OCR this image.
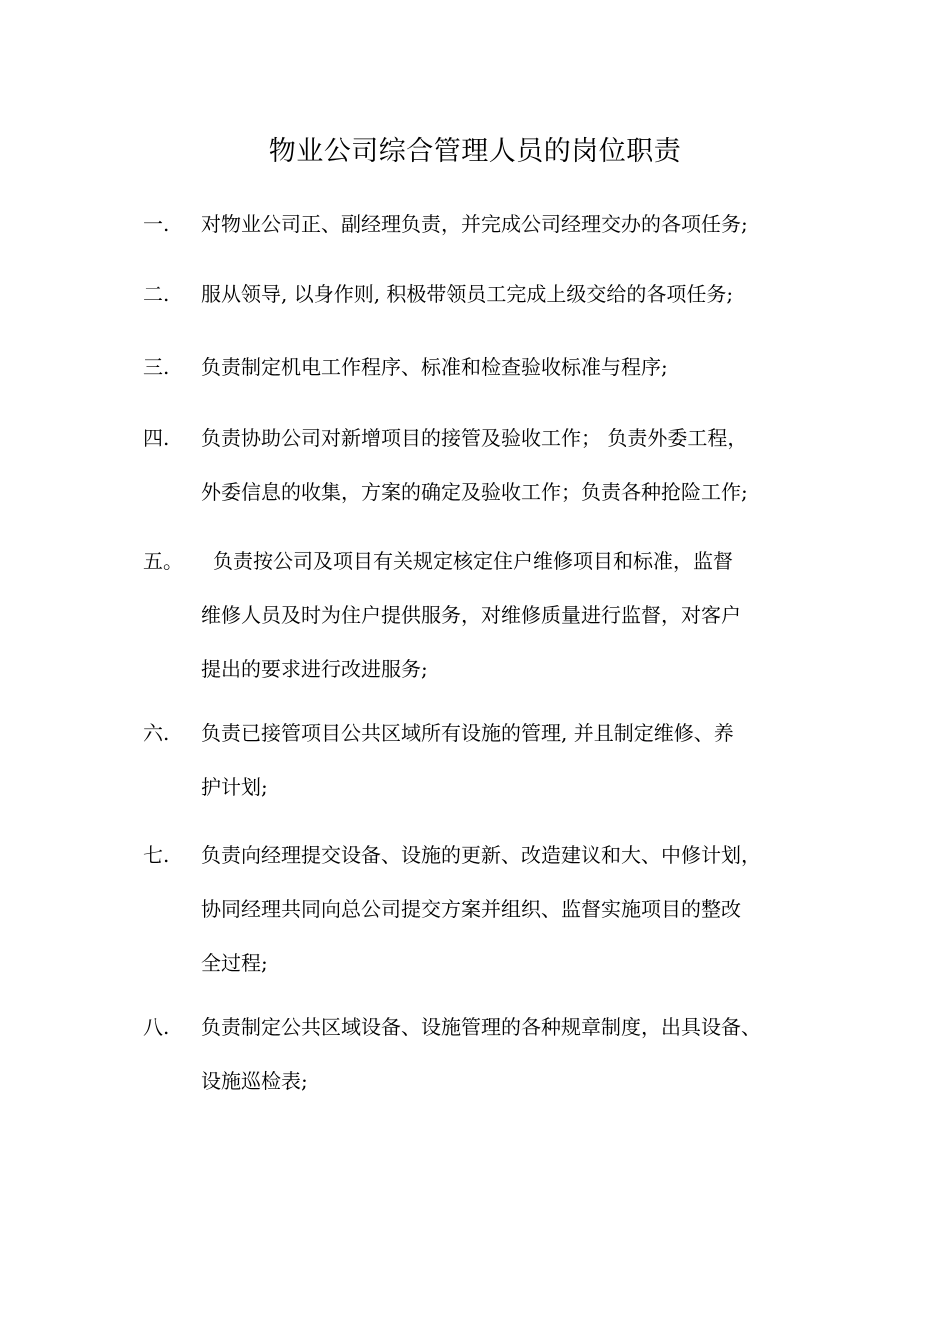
物业公司综合管理人员的岗位职责
一. 对物业公司正、副经理负责，并完成公司经理交办的各项任务;
二. 服从领导, 以身作则, 积极带领员工完成上级交给的各项任务;
三. 负责制定机电工作程序、标准和检查验收标准与程序;
四. 负责协助公司对新增项目的接管及验收工作； 负责外委工程，
外委信息的收集，方案的确定及验收工作；负责各种抢险工作;
五。	负责按公司及项目有关规定核定住户维修项目和标准，监督
维修人员及时为住户提供服务，对维修质量进行监督，对客户
提出的要求进行改进服务;
六. 负责已接管项目公共区域所有设施的管理, 并且制定维修、养
护计划;
七. 负责向经理提交设备、设施的更新、改造建议和大、中修计划，
协同经理共同向总公司提交方案并组织、监督实施项目的整改
全过程;
八. 负责制定公共区域设备、设施管理的各种规章制度，出具设备、
设施巡检表;
